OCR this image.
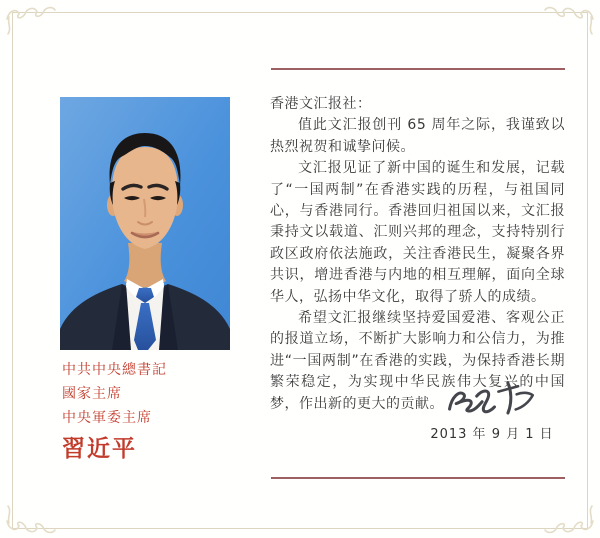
中共中央總書記
國家主席
中央軍委主席
習近平

香港文汇报社：

值此文汇报创刊 65 周年之际，我谨致以热烈祝贺和诚挚问候。

文汇报见证了新中国的诞生和发展，记载了“一国两制”在香港实践的历程，与祖国同心，与香港同行。香港回归祖国以来，文汇报秉持文以载道、汇则兴邦的理念，支持特别行政区政府依法施政，关注香港民生，凝聚各界共识，增进香港与内地的相互理解，面向全球华人，弘扬中华文化，取得了骄人的成绩。

希望文汇报继续坚持爱国爱港、客观公正的报道立场，不断扩大影响力和公信力，为推进“一国两制”在香港的实践，为保持香港长期繁荣稳定，为实现中华民族伟大复兴的中国梦，作出新的更大的贡献。

2013 年 9 月 1 日
